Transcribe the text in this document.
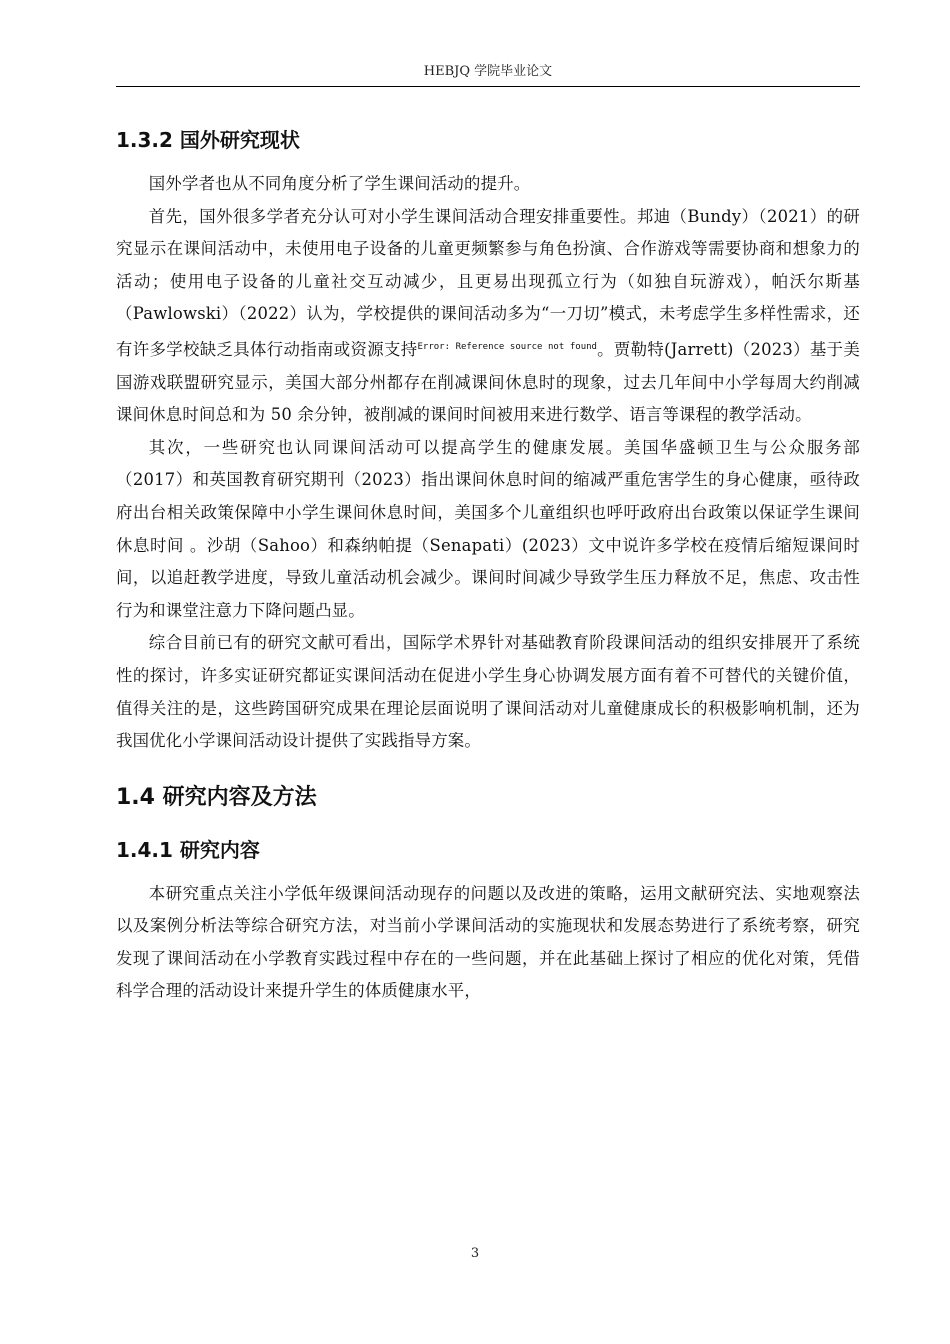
HEBJQ 学院毕业论文
1.3.2 国外研究现状

国外学者也从不同角度分析了学生课间活动的提升。

首先，国外很多学者充分认可对小学生课间活动合理安排重要性。邦迪（Bundy）（2021）的研究显示在课间活动中，未使用电子设备的儿童更频繁参与角色扮演、合作游戏等需要协商和想象力的活动；使用电子设备的儿童社交互动减少，且更易出现孤立行为（如独自玩游戏），帕沃尔斯基（Pawlowski）（2022）认为，学校提供的课间活动多为“一刀切”模式，未考虑学生多样性需求，还有许多学校缺乏具体行动指南或资源支持$^{Error: Reference source not found}$。贾勒特(Jarrett)（2023）基于美国游戏联盟研究显示，美国大部分州都存在削减课间休息时的现象，过去几年间中小学每周大约削减课间休息时间总和为 50 余分钟，被削减的课间时间被用来进行数学、语言等课程的教学活动。

其次，一些研究也认同课间活动可以提高学生的健康发展。美国华盛顿卫生与公众服务部（2017）和英国教育研究期刊（2023）指出课间休息时间的缩减严重危害学生的身心健康，亟待政府出台相关政策保障中小学生课间休息时间，美国多个儿童组织也呼吁政府出台政策以保证学生课间休息时间 。沙胡（Sahoo）和森纳帕提（Senapati）(2023）文中说许多学校在疫情后缩短课间时间，以追赶教学进度，导致儿童活动机会减少。课间时间减少导致学生压力释放不足，焦虑、攻击性行为和课堂注意力下降问题凸显。

综合目前已有的研究文献可看出，国际学术界针对基础教育阶段课间活动的组织安排展开了系统性的探讨，许多实证研究都证实课间活动在促进小学生身心协调发展方面有着不可替代的关键价值，值得关注的是，这些跨国研究成果在理论层面说明了课间活动对儿童健康成长的积极影响机制，还为我国优化小学课间活动设计提供了实践指导方案。

1.4 研究内容及方法
1.4.1 研究内容

本研究重点关注小学低年级课间活动现存的问题以及改进的策略，运用文献研究法、实地观察法以及案例分析法等综合研究方法，对当前小学课间活动的实施现状和发展态势进行了系统考察，研究发现了课间活动在小学教育实践过程中存在的一些问题，并在此基础上探讨了相应的优化对策，凭借科学合理的活动设计来提升学生的体质健康水平，

3
